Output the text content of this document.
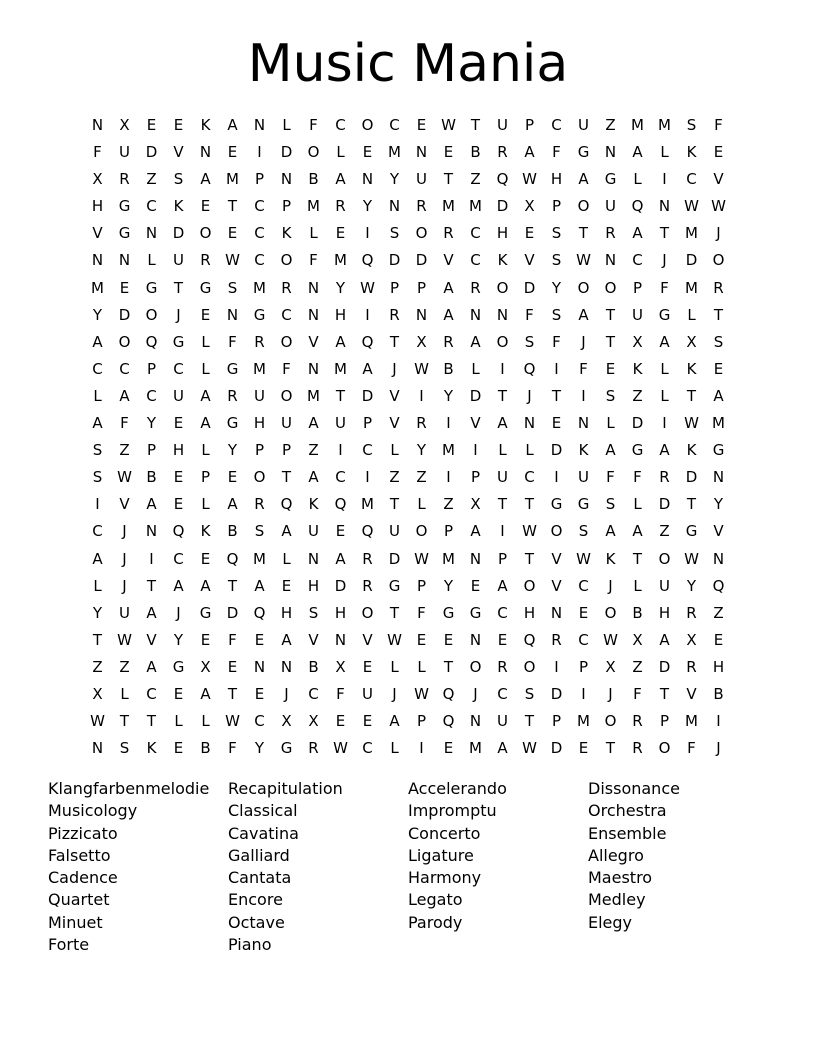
Music Mania
N	X	E	E	K	A	N	L	F	C	O	C	E W T	U	P	C	U	Z	M M	S	F
F	U	D	V	N	E	I	D	O	L	E	M N	E	B	R	A	F	G	N	A	L	K	E
X	R	Z	S	A	M	P	N	B	A	N	Y	U	T	Z	Q W H	A	G	L	I	C	V
H	G	C	K	E	T	C	P	M	R	Y	N	R	M M D	X	P	O	U	Q	N W W
V	G	N	D	O	E	C	K	L	E	I	S	O	R	C	H	E	S	T	R	A	T	M	J
N	N	L	U	R W C	O	F	M Q	D	D	V	C	K	V	S W N	C	J	D	O
M	E	G	T	G	S	M	R	N	Y	W	P	P	A	R	O	D	Y	O	O	P	F	M	R
Y	D	O	J	E	N	G	C	N	H	I	R	N	A	N	N	F	S	A	T	U	G	L	T
A	O	Q	G	L	F	R	O	V	A	Q	T	X	R	A	O	S	F	J	T	X	A	X	S
C	C	P	C	L	G M	F	N M	A	J	W B	L	I	Q	I	F	E	K	L	K	E
L	A	C	U	A	R	U	O M	T	D	V	I	Y	D	T	J	T	I	S	Z	L	T	A
A	F	Y	E	A	G	H	U	A	U	P	V	R	I	V	A	N	E	N	L	D	I	W M
S	Z	P	H	L	Y	P	P	Z	I	C	L	Y	M	I	L	L	D	K	A	G	A	K	G
S W B	E	P	E	O	T	A	C	I	Z	Z	I	P	U	C	I	U	F	F	R	D	N
I	V	A	E	L	A	R	Q	K	Q M	T	L	Z	X	T	T	G	G	S	L	D	T	Y
C	J	N	Q	K	B	S	A	U	E	Q	U	O	P	A	I	W O	S	A	A	Z	G	V
A	J	I	C	E	Q M	L	N	A	R	D W M N	P	T	V W K	T	O W N
L	J	T	A	A	T	A	E	H	D	R	G	P	Y	E	A	O	V	C	J	L	U	Y	Q
Y	U	A	J	G	D	Q	H	S	H	O	T	F	G	G	C	H	N	E	O	B	H	R	Z
T	W V	Y	E	F	E	A	V	N	V W E	E	N	E	Q	R	C W X	A	X	E
Z	Z	A	G	X	E	N	N	B	X	E	L	L	T	O	R	O	I	P	X	Z	D	R	H
X	L	C	E	A	T	E	J	C	F	U	J	W Q	J	C	S	D	I	J	F	T	V	B
W T	T	L	L	W C	X	X	E	E	A	P	Q	N	U	T	P	M O	R	P	M	I
N	S	K	E	B	F	Y	G	R W C	L	I	E	M	A W D	E	T	R	O	F	J
Klangfarbenmelodie
Musicology
Pizzicato
Falsetto
Cadence
Quartet
Minuet
Forte
Recapitulation
Classical
Cavatina
Galliard
Cantata
Encore
Octave
Piano
Accelerando
Impromptu
Concerto
Ligature
Harmony
Legato
Parody
Dissonance
Orchestra
Ensemble
Allegro
Maestro
Medley
Elegy
